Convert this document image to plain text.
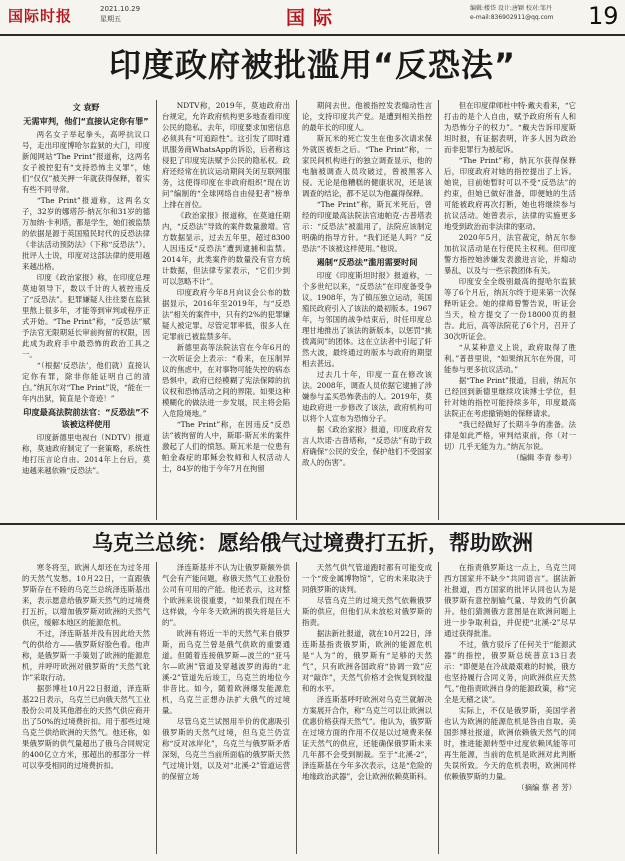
国际时报	2021.10.29
星期五	国际	编辑:楼岱 设计:唐颖 校对:邹丹
e-mail:836902911@qq.com 19
印度政府被批滥用“反恐法”
文 袁野
无需审判，他们“直接认定你有罪”

两名女子举起拳头，高呼抗议口号，走出印度博哈尔监狱的大门，印度新闻网站“The Print”报道称，这两名女子被控犯有“支持恐怖主义罪”，她们“仅仅”被关押一年就获得保释，着实有些不同寻常。

“The Print”报道称，这两名女子，32岁的娜塔莎·纳瓦尔和31岁的德万加纳·卡利塔，都是学生，她们被监禁的依据是源于英国殖民时代的反恐法律《非法活动预防法》（下称“反恐法”）。批评人士说，印度对这部法律的使用越来越出格。

印度《政治家报》称，在印度总理莫迪领导下，数以千计的人被控违反了“反恐法”。犯罪嫌疑人往往要在监狱里熬上很多年，才能等到审判或程序正式开始。“The Print”称，“反恐法”赋予法官无限期延长审前拘留的权限，因此成为政府手中最恐怖的政治工具之一。

“（根据‘反恐法’，他们就）直接认定你有罪，除非你能证明自己的清白。”纳瓦尔对“The Print”说，“能在一年内出狱，简直是个奇迹！”

印度最高法院前法官：“反恐法”不该被这样使用

印度新德里电视台（NDTV）报道称，莫迪政府制定了一套策略，系统性地打压言论自由。2014年上台后，莫迪越来越依赖“反恐法”。

NDTV称，2019年，莫迪政府出台规定，允许政府机构更多地查看印度公民的隐私。去年，印度要求加密信息必须具有“可追踪性”。这引发了即时通讯服务商WhatsApp的诉讼，后者称这侵犯了印度宪法赋予公民的隐私权。政府还经常在抗议运动期间关闭互联网服务，这使得印度在非政府组织“现在访问”编制的“全球网络自由侵犯者”榜单上排在首位。

《政治家报》报道称，在莫迪任期内，“反恐法”导致的案件数量激增。官方数据显示，过去五年里，超过8300人因违反“反恐法”遭到逮捕和监禁。2014年，此类案件的数量没有官方统计数据，但法律专家表示，“它们少到可以忽略不计”。

印度政府今年8月向议会公布的数据显示，2016年至2019年，与“反恐法”相关的案件中，只有约2%的犯罪嫌疑人被定罪。尽管定罪率低，很多人在定罪前已被监禁多年。

新德里高等法院法官在今年6月的一次听证会上表示：“看来，在压制异议的焦虑中，在对事物可能失控的病态恐惧中，政府已经模糊了宪法保障的抗议权和恐怖活动之间的界限。如果这种模糊化的做法进一步发展，民主将会陷入危险境地。”

“The Print”称，在因违反“反恐法”被拘留的人中，斯耶·斯瓦米的案件激起了人们的愤怒。斯瓦米是一位患有帕金森症的耶稣会牧师和人权活动人士，84岁的他于今年7月在拘留

期间去世。他被指控发表煽动性言论，支持印度共产党。是遭到相关指控的最年长的印度人。

斯瓦米的死亡发生在他多次请求保外就医被拒之后。“The Print”称，一家民间机构进行的独立调查显示，他的电脑被调查人员攻破过，曾被黑客入侵。无论是他糟糕的健康状况，还是该调查的结论，都不足以为他赢得保释。

“The Print”称，斯瓦米死后，曾经的印度最高法院法官迪帕克·古普塔表示：“反恐法”被滥用了，法院应该制定明确的指导方针。“我们还是人吗？”反恐法“不该被这样使用。”他说。

遏制“反恐法”滥用需要时间

印度《印度斯坦时报》报道称，一个多世纪以来，“反恐法”在印度备受争议。1908年，为了镇压独立运动，英国殖民政府引入了该法的最初版本。1967年，与邻国的战争结束后，时任印度总理甘地推出了该法的新版本，以惩罚“挑拨离间”的团体。这在立法者中引起了轩然大波，最终通过的版本与政府的期望相去甚远。

过去几十年，印度一直在修改该法。2008年，调查人员依据它逮捕了涉嫌参与孟买恐怖袭击的人。2019年，莫迪政府进一步修改了该法，政府机构可以将个人宣布为恐怖分子。

据《政治家报》报道，印度政府发言人坎诺·古普塔称，“反恐法”有助于政府确保“公民的安全，保护他们不受国家敌人的伤害”。

但在印度律师杜中特·戴夫看来，“它打击的是个人自由，赋予政府所有人和为恐怖分子的权力”。“戴夫告诉印度斯坦时报，有证据表明，许多人因为政治而非犯罪行为被起诉。

“The Print”称，纳瓦尔获得保释后，印度政府对她的指控提出了上诉。她说，目前她暂时可以不受“反恐法”的约束，但她已做好准备，即便她的生活可能被政府再次打断，她也将继续参与抗议活动。她曾表示，法律的实施更多地受到政治而非法律的驱动。

2020年5月，法官裁定，纳瓦尔参加抗议活动是在行使民主权利。但印度警方指控她涉嫌发表激进言论，并煽动暴乱，以及与一些宗教团体有关。

印度安全全级别最高的提哈尔监狱等了6个月后，纳瓦尔终于迎来第一次保释听证会。她的律师曾警告说，听证会当天，检方提交了一份18000页的报告。此后，高等法院花了6个月，召开了30次听证会。

“从某种意义上说，政府取得了胜利。”普普里说，“如果纳瓦尔在外面，可能参与更多抗议活动。”

据“The Print”报道，目前，纳瓦尔已经回到新德里继续攻读博士学位，但针对她的指控可能持续多年，印度最高法院正在考虑撤销她的保释请求。

“我已经做好了长期斗争的准备。法律是如此严格，审判结束前，你（对一切）几乎无能为力。”纳瓦尔说。

（编辑 李青 参考）

乌克兰总统：愿给俄气过境费打五折，帮助欧洲

寒冬将至，欧洲人却还在为过冬用的天然气发愁。10月22日，一直跟俄罗斯存在不睦的乌克兰总统泽连斯基出来，表示愿意给俄罗斯天然气的过境费打五折，以增加俄罗斯对欧洲的天然气供应，缓解本地区的能源危机。

不过，泽连斯基并没有因此给天然气的供给方——俄罗斯好脸色看。他声称，是俄罗斯一手策划了欧洲的能源危机，并呼吁欧洲对俄罗斯的“天然气讹诈”采取行动。

据彭博社10月22日报道，泽连斯基22日表示，乌克兰已向俄天然气工业股份公司及其他潜在的天然气供应商开出了50%的过境费折扣。用于那些过境乌克兰供给欧洲的天然气。他还称，如果俄罗斯的供气量超出了俄乌合同规定的400亿立方米，那超出的那部分一样可以享受相同的过境费折扣。

泽连斯基并不认为让俄罗斯额外供气会有产能问题，称俄天然气工业股份公司有可用的产能。他还表示，这对整个欧洲来说很重要，“如果我们现在不这样做，今年冬天欧洲的损失将是巨大的”。

欧洲有将近一半的天然气来自俄罗斯，而乌克兰曾是俄气供欧的重要通道。但随着连接俄罗斯—波兰的“亚马尔—欧洲”管道及穿越波罗的海的“北溪-2”管道先后竣工，乌克兰的地位今非昔比。如今，随着欧洲爆发能源危机，乌克兰正想办法扩大俄气的过境量。

尽管乌克兰试图用半价的优惠吸引俄罗斯的天然气过境，但乌克兰仍宣称“反对冰岸化”，乌克兰与俄罗斯矛盾深刻，乌克兰当前所面临的俄罗斯天然气过境计划，以及对“北溪-2”管道运营的保留立场

天然气供气管道跑时都有可能变成一个“废金属博物馆”，它的未来取决于同俄罗斯的谈判。

尽管乌克兰的过境天然气依赖俄罗斯的供应，但他们从未放松对俄罗斯的指责。

据法新社报道，就在10月22日，泽连斯基指责俄罗斯，欧洲的能源危机是“人为”的，俄罗斯有“足够的天然气”，只有欧洲各国政府“协调一致”应对“敲诈”，天然气价格才会恢复到较温和的水平。

泽连斯基呼吁欧洲对乌克兰就解决方案展开合作，称“乌克兰可以让欧洲以优惠价格获得天然气”。他认为，俄罗斯在过境方面的作用不仅是以过境费来保证天然气的供应，还能确保俄罗斯未来几年都不会受到制裁。至于“北溪-2”，泽连斯基在今年多次表示，这是“危险的地缘政治武器”，会让欧洲依赖莫斯科。

在指责俄罗斯这一点上，乌克兰同西方国家并不缺少“共同语言”。据法新社报道，西方国家的批评认同也认为是俄罗斯有意控制输气量、导致的气价飙升。他们猜测俄方意图是在欧洲问题上进一步争取利益，并促使“北溪-2”尽早通过获得批准。

不过，俄方驳斥了任何关于“能源武器”的指控，俄罗斯总统普京13日表示：“即便是在冷战最艰难的时候，俄方也坚持履行合同义务，向欧洲供应天然气。”他指责欧洲自身的能源政策，称“完全是无稽之谈”。

实际上，不仅是俄罗斯，美国学者也认为欧洲的能源危机是咎由自取。美国彭博社报道，欧洲依赖俄天然气的同时，推进能源转型中过度依赖风能等可再生能源，当前的危机是欧洲对此判断失误所致。今天的危机表明，欧洲同样依赖俄罗斯的力量。

（摘编 蔡 者 芳）
